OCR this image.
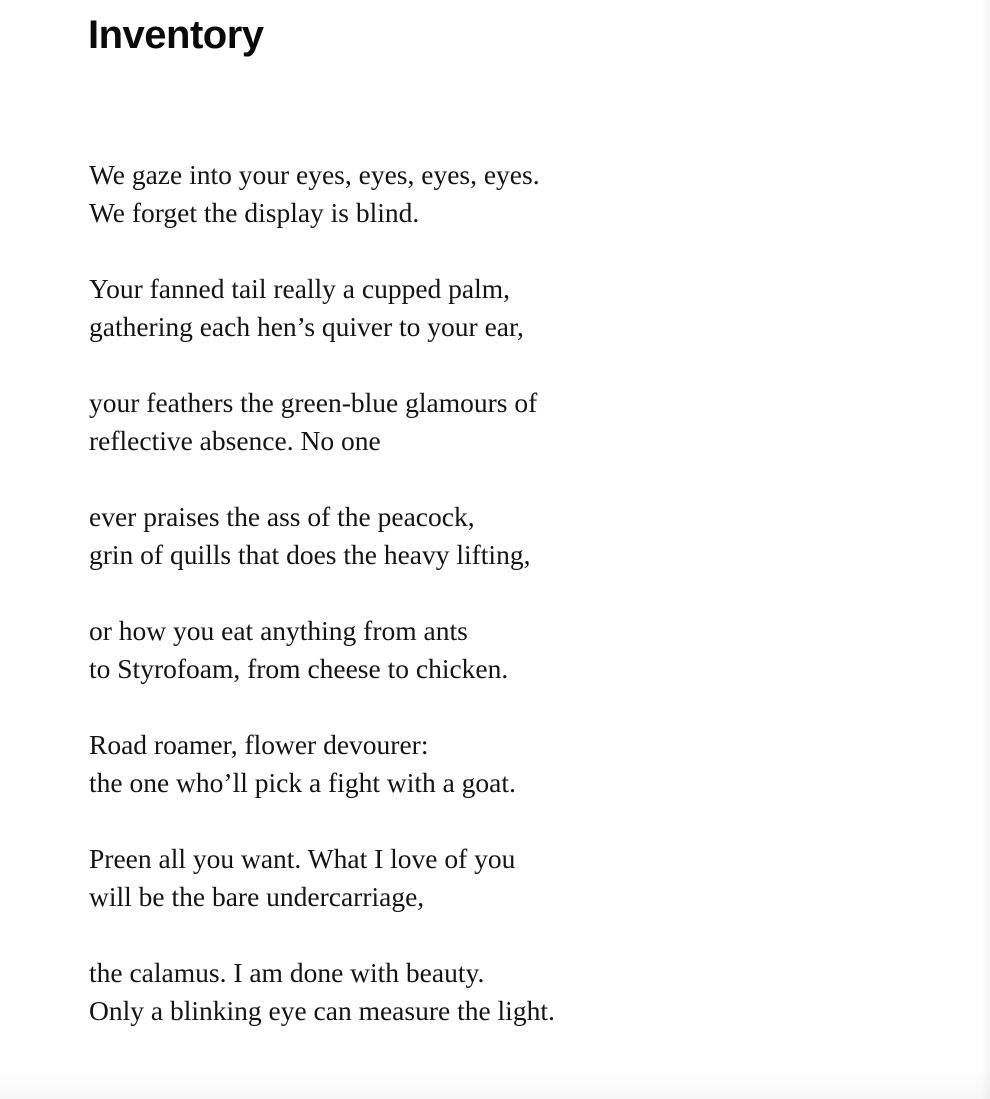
Inventory

We gaze into your eyes, eyes, eyes, eyes.
We forget the display is blind.

Your fanned tail really a cupped palm,
gathering each hen’s quiver to your ear,

your feathers the green-blue glamours of
reflective absence. No one

ever praises the ass of the peacock,
grin of quills that does the heavy lifting,

or how you eat anything from ants
to Styrofoam, from cheese to chicken.

Road roamer, flower devourer:
the one who’ll pick a fight with a goat.

Preen all you want. What I love of you
will be the bare undercarriage,

the calamus. I am done with beauty.
Only a blinking eye can measure the light.
